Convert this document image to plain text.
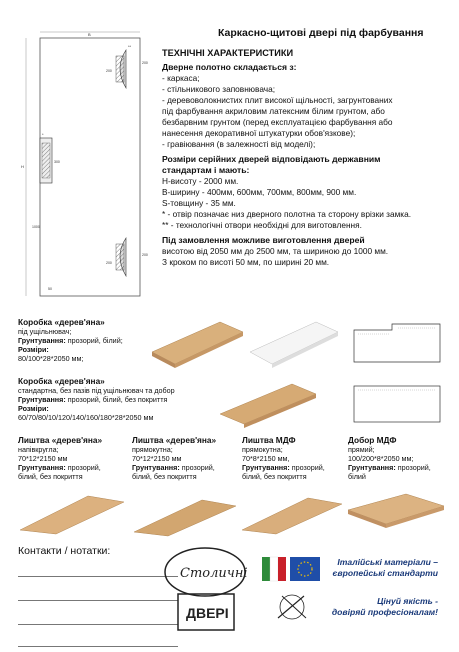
Каркасно-щитові двері під фарбування
В
Н
200
200
1000
300
200
200
50
*
**
ТЕХНІЧНІ ХАРАКТЕРИСТИКИ
Дверне полотно складається з:
- каркаса;
- стільникового заповнювача;
- деревоволокнистих плит високої щільності, загрунтованих
під фарбування акриловим латексним білим грунтом, або
безбарвним грунтом (перед експлуатацією фарбування або
нанесення декоративної штукатурки обов'язкове);
- гравіювання (в залежності від моделі);
Розміри серійних дверей відповідають державним
стандартам і мають:
Н-висоту - 2000 мм.
В-ширину - 400мм, 600мм, 700мм, 800мм, 900 мм.
S-товщину - 35 мм.
* - отвір позначає низ дверного полотна та сторону врізки замка.
** - технологічні отвори необхідні для виготовлення.
Під замовлення можливе виготовлення дверей
висотою від 2050 мм до 2500 мм, та шириною до 1000 мм.
З кроком по висоті 50 мм, по ширині 20 мм.
Коробка «дерев'яна»
під ущільнювач;
Грунтування: прозорий, білий;
Розміри:
80/100*28*2050 мм;
Коробка «дерев'яна»
стандартна, без пазів під ущільнювач та добор
Грунтування: прозорий, білий, без покриття
Розміри:
60/70/80/10/120/140/160/180*28*2050 мм
Лиштва «дерев'яна»
напівкругла;
70*12*2150 мм
Грунтування: прозорий,
білий, без покриття
Лиштва «дерев'яна»
прямокутна;
70*12*2150 мм
Грунтування: прозорий,
білий, без покриття
Лиштва МДФ
прямокутна;
70*8*2150 мм,
Грунтування: прозорий,
білий, без покриття
Добор МДФ
прямий;
100/200*8*2050 мм;
Грунтування: прозорий,
білий
Контакти / нотатки:
Столичні
ДВЕРІ
Італійські матеріали –
європейські стандарти
Цінуй якість -
довіряй професіоналам!
